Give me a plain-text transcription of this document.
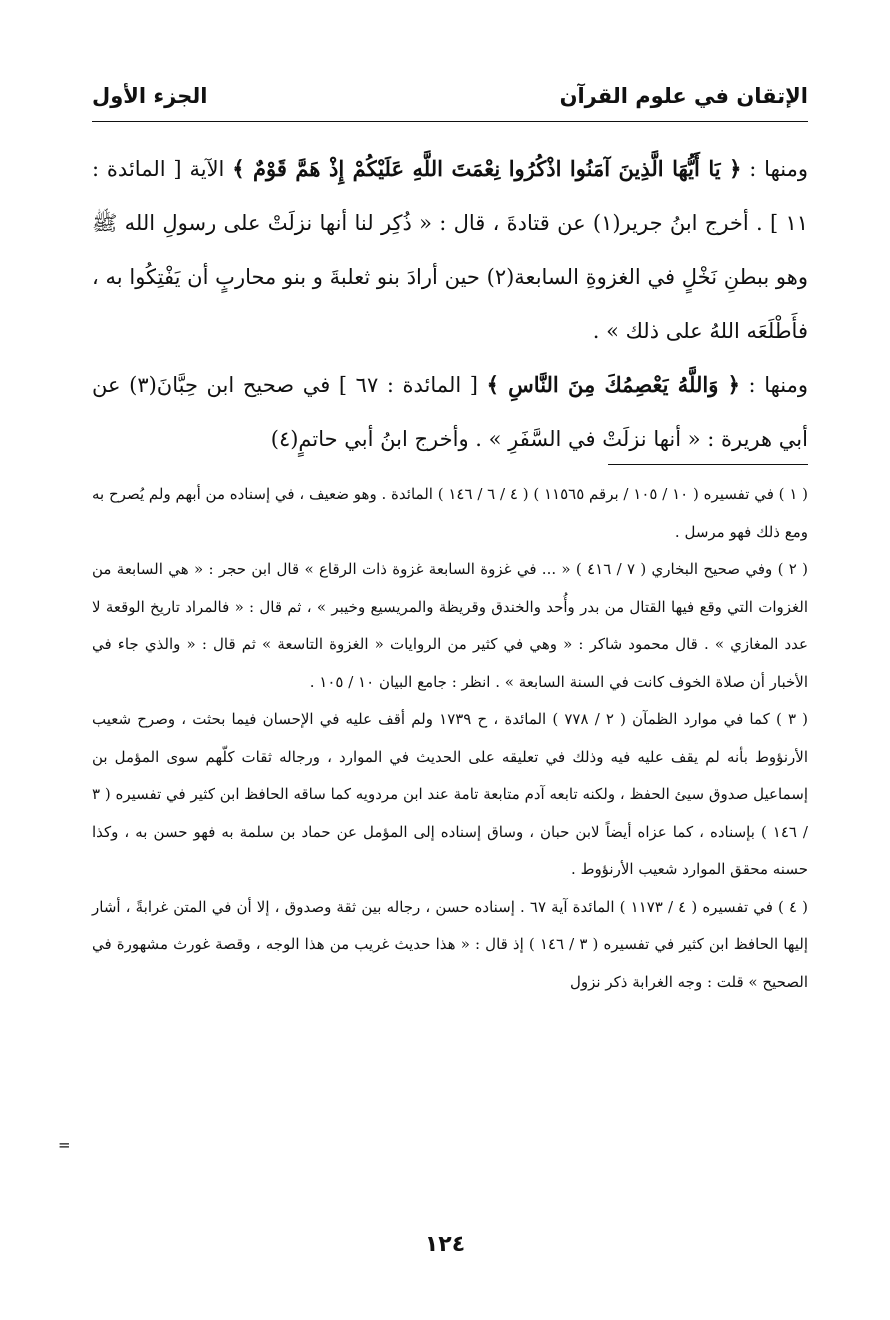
الإتقان في علوم القرآن
الجزء الأول

ومنها : ﴿ يَا أَيُّهَا الَّذِينَ آمَنُوا اذْكُرُوا نِعْمَتَ اللَّهِ عَلَيْكُمْ إِذْ هَمَّ قَوْمٌ ﴾ الآية [ المائدة : ١١ ] . أخرج ابنُ جرير(١) عن قتادةَ ، قال : « ذُكِر لنا أنها نزلَتْ على رسولِ الله ﷺ وهو ببطنِ نَخْلٍ في الغزوةِ السابعة(٢) حين أرادَ بنو ثعلبةَ و بنو محاربٍ أن يَفْتِكُوا به ، فأَطْلَعَه اللهُ على ذلك » .

ومنها : ﴿ وَاللَّهُ يَعْصِمُكَ مِنَ النَّاسِ ﴾ [ المائدة : ٦٧ ] في صحيح ابن حِبَّانَ(٣) عن أبي هريرة : « أنها نزلَتْ في السَّفَرِ » . وأخرج ابنُ أبي حاتمٍ(٤)

( ١ ) في تفسيره ( ١٠ / ١٠٥ / برقم ١١٥٦٥ ) ( ٤ / ٦ / ١٤٦ ) المائدة . وهو ضعيف ، في إسناده من أبهم ولم يُصرح به ومع ذلك فهو مرسل .

( ٢ ) وفي صحيح البخاري ( ٧ / ٤١٦ ) « ... في غزوة السابعة غزوة ذات الرقاع » قال ابن حجر : « هي السابعة من الغزوات التي وقع فيها القتال من بدر وأُحد والخندق وقريظة والمريسيع وخيبر » ، ثم قال : « فالمراد تاريخ الوقعة لا عدد المغازي » . قال محمود شاكر : « وهي في كثير من الروايات « الغزوة التاسعة » ثم قال : « والذي جاء في الأخبار أن صلاة الخوف كانت في السنة السابعة » . انظر : جامع البيان ١٠ / ١٠٥ .

( ٣ ) كما في موارد الظمآن ( ٢ / ٧٧٨ ) المائدة ، ح ١٧٣٩ ولم أقف عليه في الإحسان فيما بحثت ، وصرح شعيب الأرنؤوط بأنه لم يقف عليه فيه وذلك في تعليقه على الحديث في الموارد ، ورجاله ثقات كلّهم سوى المؤمل بن إسماعيل صدوق سيئ الحفظ ، ولكنه تابعه آدم متابعة تامة عند ابن مردويه كما ساقه الحافظ ابن كثير في تفسيره ( ٣ / ١٤٦ ) بإسناده ، كما عزاه أيضاً لابن حبان ، وساق إسناده إلى المؤمل عن حماد بن سلمة به فهو حسن به ، وكذا حسنه محقق الموارد شعيب الأرنؤوط .

( ٤ ) في تفسيره ( ٤ / ١١٧٣ ) المائدة آية ٦٧ . إسناده حسن ، رجاله بين ثقة وصدوق ، إلا أن في المتن غرابةً ، أشار إليها الحافظ ابن كثير في تفسيره ( ٣ / ١٤٦ ) إذ قال : « هذا حديث غريب من هذا الوجه ، وقصة غورث مشهورة في الصحيح » قلت : وجه الغرابة ذكر نزول

=
١٢٤
